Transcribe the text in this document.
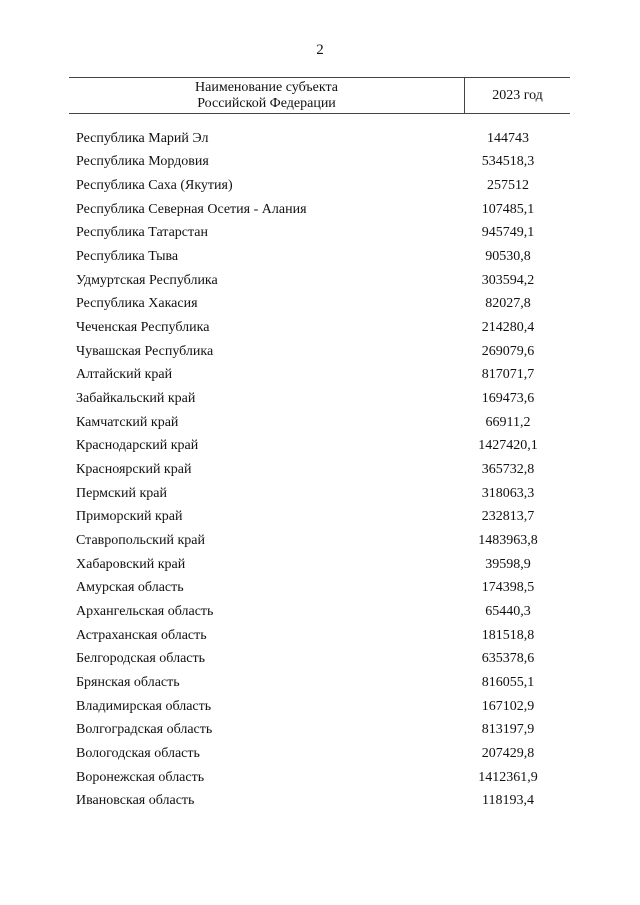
2
Наименование субъекта
Российской Федерации
2023 год
Республика Марий Эл	144743
Республика Мордовия	534518,3
Республика Саха (Якутия)	257512
Республика Северная Осетия - Алания	107485,1
Республика Татарстан	945749,1
Республика Тыва	90530,8
Удмуртская Республика	303594,2
Республика Хакасия	82027,8
Чеченская Республика	214280,4
Чувашская Республика	269079,6
Алтайский край	817071,7
Забайкальский край	169473,6
Камчатский край	66911,2
Краснодарский край	1427420,1
Красноярский край	365732,8
Пермский край	318063,3
Приморский край	232813,7
Ставропольский край	1483963,8
Хабаровский край	39598,9
Амурская область	174398,5
Архангельская область	65440,3
Астраханская область	181518,8
Белгородская область	635378,6
Брянская область	816055,1
Владимирская область	167102,9
Волгоградская область	813197,9
Вологодская область	207429,8
Воронежская область	1412361,9
Ивановская область	118193,4
